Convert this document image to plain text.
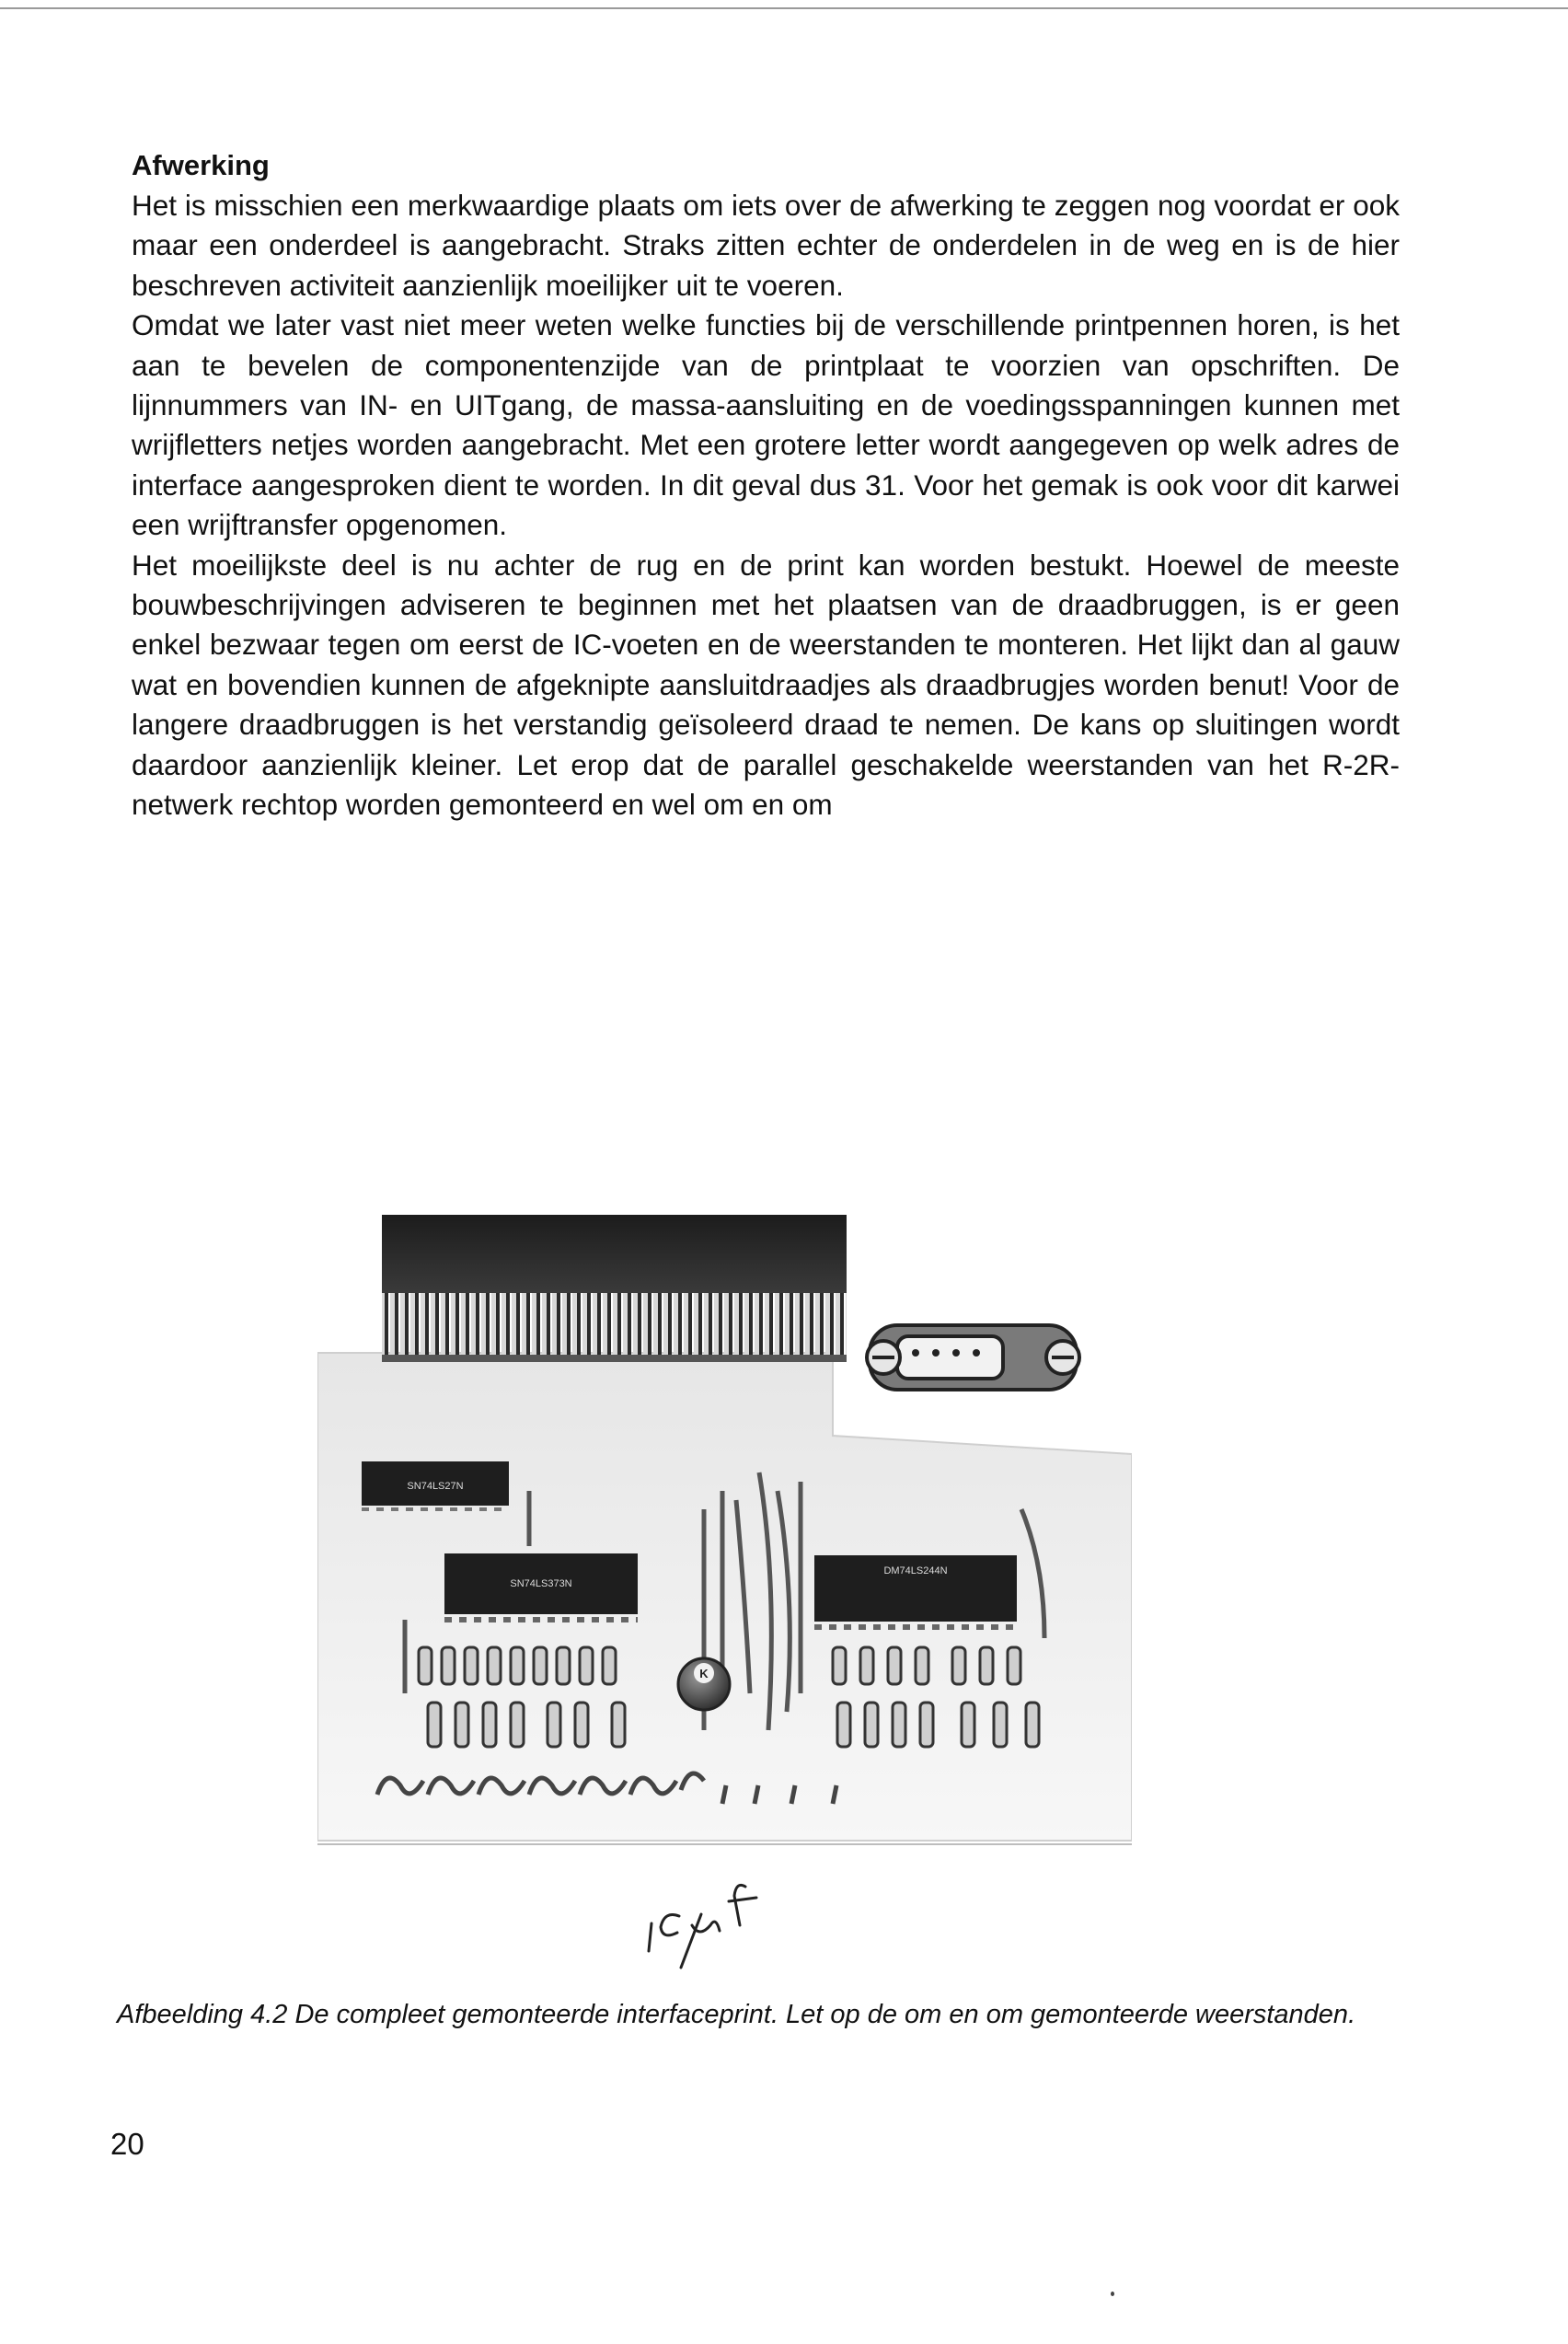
Afwerking

Het is misschien een merkwaardige plaats om iets over de afwerking te zeggen nog voordat er ook maar een onderdeel is aangebracht. Straks zitten echter de onderdelen in de weg en is de hier beschreven activiteit aanzienlijk moeilijker uit te voeren.

Omdat we later vast niet meer weten welke functies bij de verschillende printpennen horen, is het aan te bevelen de componentenzijde van de printplaat te voorzien van opschriften. De lijnnummers van IN- en UITgang, de massa-aansluiting en de voedingsspanningen kunnen met wrijfletters netjes worden aangebracht. Met een grotere letter wordt aangegeven op welk adres de interface aangesproken dient te worden. In dit geval dus 31. Voor het gemak is ook voor dit karwei een wrijftransfer opgenomen.

Het moeilijkste deel is nu achter de rug en de print kan worden bestukt. Hoewel de meeste bouwbeschrijvingen adviseren te beginnen met het plaatsen van de draadbruggen, is er geen enkel bezwaar tegen om eerst de IC-voeten en de weerstanden te monteren. Het lijkt dan al gauw wat en bovendien kunnen de afgeknipte aansluitdraadjes als draadbrugjes worden benut! Voor de langere draadbruggen is het verstandig geïsoleerd draad te nemen. De kans op sluitingen wordt daardoor aanzienlijk kleiner. Let erop dat de parallel geschakelde weerstanden van het R-2R-netwerk rechtop worden gemonteerd en wel om en om

SN74LS27N
SN74LS373N
DM74LS244N
K

Afbeelding 4.2 De compleet gemonteerde interfaceprint. Let op de om en om gemonteerde weerstanden.

20
